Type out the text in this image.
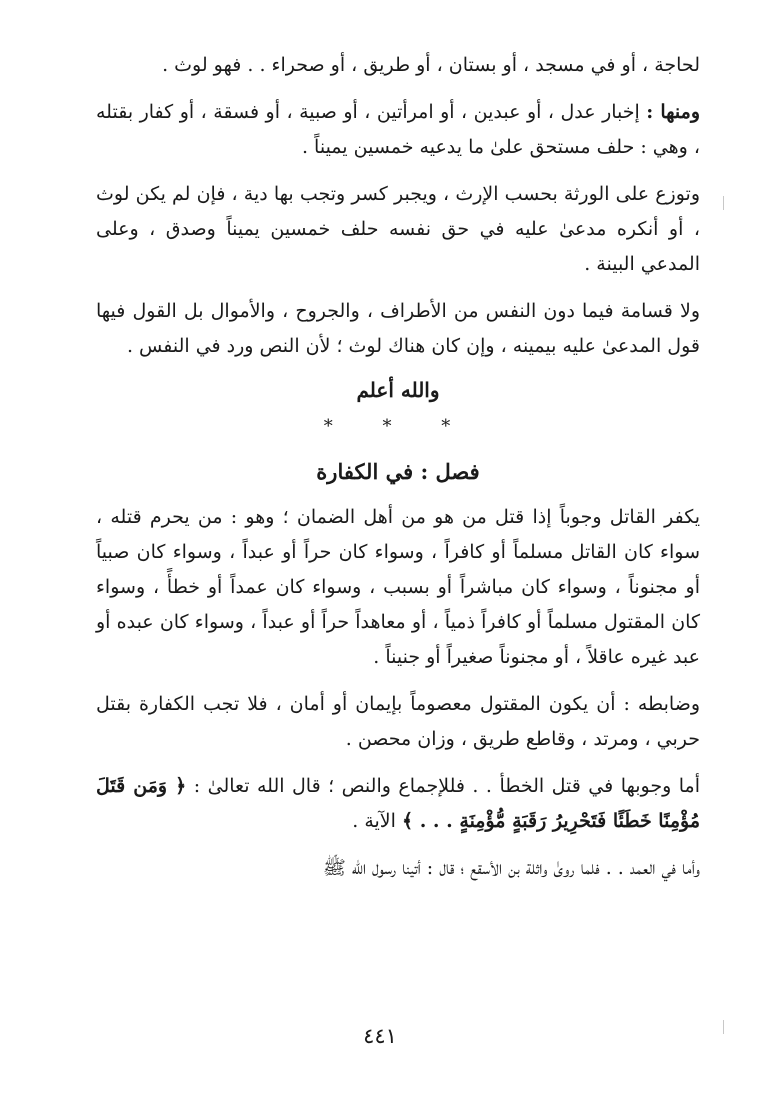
لحاجة ، أو في مسجد ، أو بستان ، أو طريق ، أو صحراء . . فهو لوث .

ومنها : إخبار عدل ، أو عبدين ، أو امرأتين ، أو صبية ، أو فسقة ، أو كفار بقتله ، وهي : حلف مستحق علىٰ ما يدعيه خمسين يميناً .

وتوزع على الورثة بحسب الإرث ، ويجبر كسر وتجب بها دية ، فإن لم يكن لوث ، أو أنكره مدعىٰ عليه في حق نفسه حلف خمسين يميناً وصدق ، وعلى المدعي البينة .

ولا قسامة فيما دون النفس من الأطراف ، والجروح ، والأموال بل القول فيها قول المدعىٰ عليه بيمينه ، وإن كان هناك لوث ؛ لأن النص ورد في النفس .

والله أعلم
* * *
فصل : في الكفارة

يكفر القاتل وجوباً إذا قتل من هو من أهل الضمان ؛ وهو : من يحرم قتله ، سواء كان القاتل مسلماً أو كافراً ، وسواء كان حراً أو عبداً ، وسواء كان صبياً أو مجنوناً ، وسواء كان مباشراً أو بسبب ، وسواء كان عمداً أو خطأً ، وسواء كان المقتول مسلماً أو كافراً ذمياً ، أو معاهداً حراً أو عبداً ، وسواء كان عبده أو عبد غيره عاقلاً ، أو مجنوناً صغيراً أو جنيناً .

وضابطه : أن يكون المقتول معصوماً بإيمان أو أمان ، فلا تجب الكفارة بقتل حربي ، ومرتد ، وقاطع طريق ، وزان محصن .

أما وجوبها في قتل الخطأ . . فللإجماع والنص ؛ قال الله تعالىٰ : ﴿ وَمَن قَتَلَ مُؤْمِنًا خَطَئًا فَتَحْرِيرُ رَقَبَةٍ مُّؤْمِنَةٍ . . . ﴾ الآية .

وأما في العمد . . فلما روىٰ واثلة بن الأسقع ؛ قال : أتينا رسول الله ﷺ

٤٤١
